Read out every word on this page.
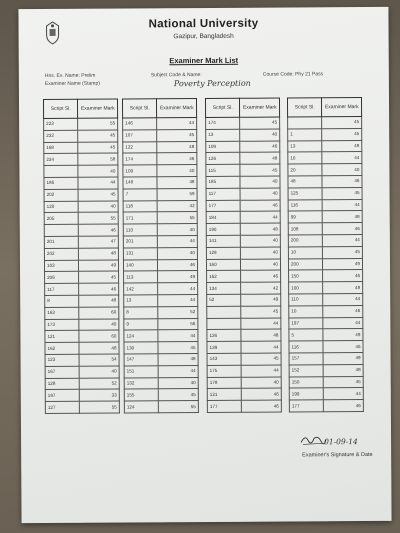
National University
Gazipur, Bangladesh
Examiner Mark List
Hns. Ex. Name: Prelim
Examiner Name (Stamp)
Subject Code & Name:
Poverty Perception
Course Code: Phy 21 Pass
Script Sl.	Examiner Mark
223	55
232	45
168	45
234	58
	40
186	44
202	45
120	40
205	55
	46
201	47
202	48
103	49
206	45
117	46
8	48
163	60
173	40
121	60
162	48
123	54
167	40
128	52
197	33
127	55
Script Sl.	Examiner Mark
146	44
107	45
122	48
174	46
109	40
148	48
7	59
118	42
171	55
110	40
201	44
131	40
140	46
113	49
142	44
13	44
8	52
9	56
124	44
130	45
147	48
151	44
132	40
155	45
124	55
Script Sl.	Examiner Mark
174	45
13	40
109	46
126	48
115	45
185	40
117	40
177	46
184	44
190	48
141	40
129	40
160	40
162	46
134	42
52	49
	45
	44
126	48
139	44
143	45
175	44
178	40
121	46
177	46
Script Sl.	Examiner Mark
	45
1	45
13	48
10	44
20	40
48	46
125	45
116	44
99	48
108	46
200	44
10	45
200	49
150	46
100	48
110	44
10	46
197	44
5	49
116	46
157	49
152	48
150	45
199	44
177	46
01-09-14
Examiner's Signature & Date
